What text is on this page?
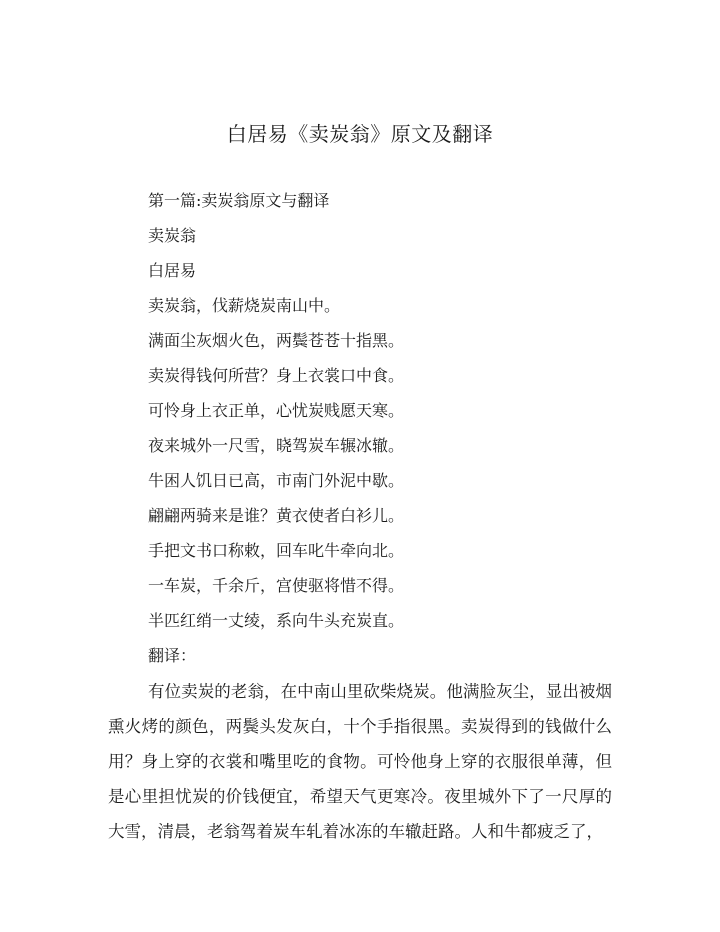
白居易《卖炭翁》原文及翻译
第一篇:卖炭翁原文与翻译
卖炭翁
白居易
卖炭翁，伐薪烧炭南山中。
满面尘灰烟火色，两鬓苍苍十指黑。
卖炭得钱何所营？身上衣裳口中食。
可怜身上衣正单，心忧炭贱愿天寒。
夜来城外一尺雪，晓驾炭车辗冰辙。
牛困人饥日已高，市南门外泥中歇。
翩翩两骑来是谁？黄衣使者白衫儿。
手把文书口称敕，回车叱牛牵向北。
一车炭，千余斤，宫使驱将惜不得。
半匹红绡一丈绫，系向牛头充炭直。
翻译：
有位卖炭的老翁，在中南山里砍柴烧炭。他满脸灰尘，显出被烟熏火烤的颜色，两鬓头发灰白，十个手指很黑。卖炭得到的钱做什么用？身上穿的衣裳和嘴里吃的食物。可怜他身上穿的衣服很单薄，但是心里担忧炭的价钱便宜，希望天气更寒冷。夜里城外下了一尺厚的大雪，清晨，老翁驾着炭车轧着冰冻的车辙赶路。人和牛都疲乏了，
